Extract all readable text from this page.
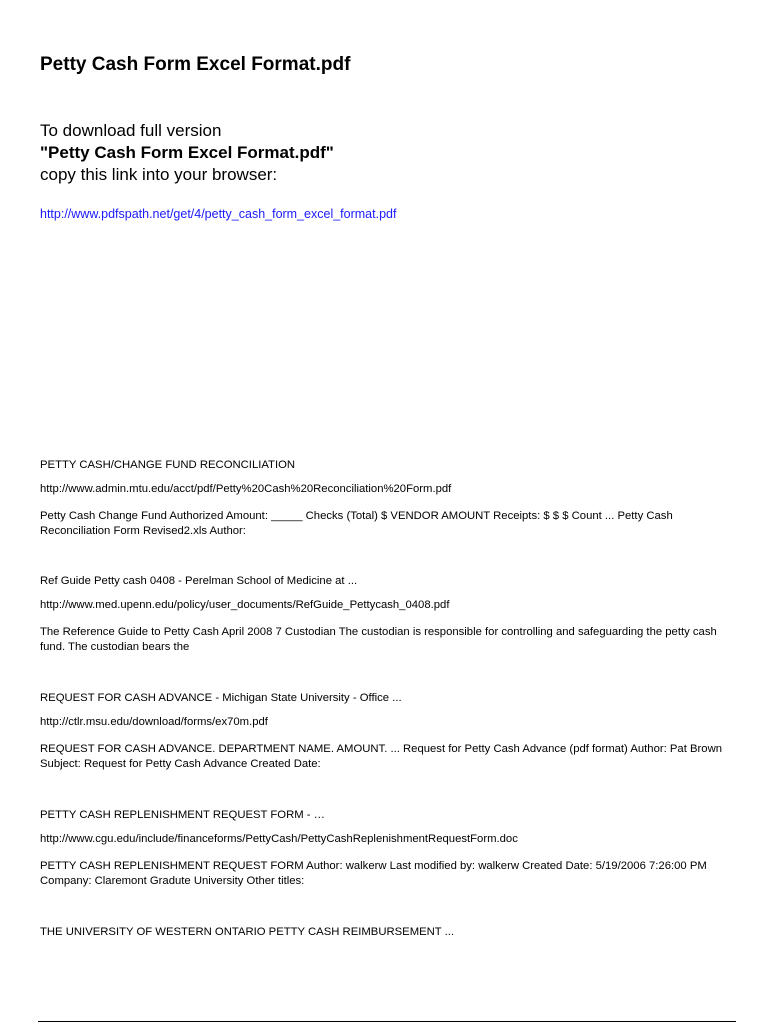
Petty Cash Form Excel Format.pdf
To download full version
"Petty Cash Form Excel Format.pdf"
copy this link into your browser:
http://www.pdfspath.net/get/4/petty_cash_form_excel_format.pdf
PETTY CASH/CHANGE FUND RECONCILIATION
http://www.admin.mtu.edu/acct/pdf/Petty%20Cash%20Reconciliation%20Form.pdf
Petty Cash Change Fund Authorized Amount: _____ Checks (Total) $ VENDOR AMOUNT Receipts: $ $ $ Count ... Petty Cash Reconciliation Form Revised2.xls Author:
Ref Guide Petty cash 0408 - Perelman School of Medicine at ...
http://www.med.upenn.edu/policy/user_documents/RefGuide_Pettycash_0408.pdf
The Reference Guide to Petty Cash April 2008 7 Custodian The custodian is responsible for controlling and safeguarding the petty cash fund. The custodian bears the
REQUEST FOR CASH ADVANCE - Michigan State University - Office ...
http://ctlr.msu.edu/download/forms/ex70m.pdf
REQUEST FOR CASH ADVANCE. DEPARTMENT NAME. AMOUNT. ... Request for Petty Cash Advance (pdf format) Author: Pat Brown Subject: Request for Petty Cash Advance Created Date:
PETTY CASH REPLENISHMENT REQUEST FORM - …
http://www.cgu.edu/include/financeforms/PettyCash/PettyCashReplenishmentRequestForm.doc
PETTY CASH REPLENISHMENT REQUEST FORM Author: walkerw Last modified by: walkerw Created Date: 5/19/2006 7:26:00 PM Company: Claremont Gradute University Other titles:
THE UNIVERSITY OF WESTERN ONTARIO PETTY CASH REIMBURSEMENT ...
